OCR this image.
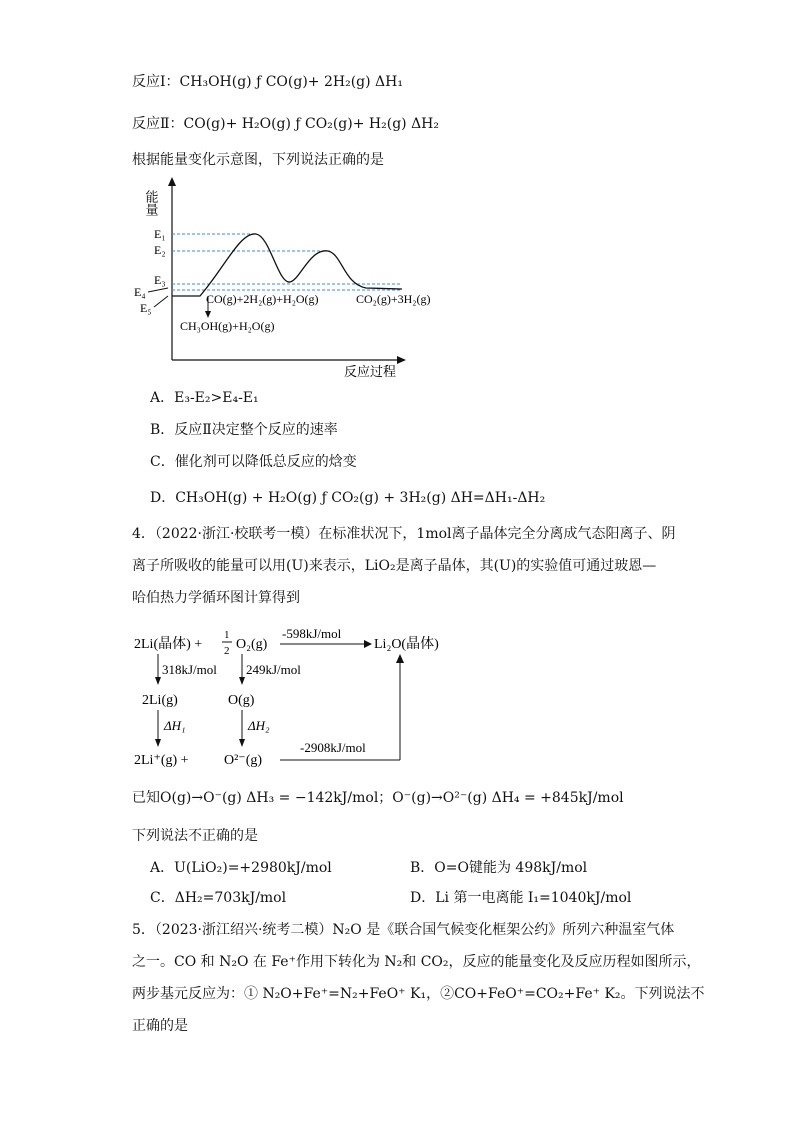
反应Ⅰ：CH₃OH(g) ƒ CO(g)+ 2H₂(g) ΔH₁
反应Ⅱ：CO(g)+ H₂O(g) ƒ CO₂(g)+ H₂(g) ΔH₂
根据能量变化示意图，下列说法正确的是
能量
反应过程
E₁
E₂
E₃
E₄
E₅
CO(g)+2H₂(g)+H₂O(g)	CO₂(g)+3H₂(g)
CH₃OH(g)+H₂O(g)
A．E₃-E₂>E₄-E₁
B．反应Ⅱ决定整个反应的速率
C．催化剂可以降低总反应的焓变
D．CH₃OH(g) + H₂O(g) ƒ CO₂(g) + 3H₂(g) ΔH=ΔH₁-ΔH₂
4．（2022·浙江·校联考一模）在标准状况下，1mol离子晶体完全分离成气态阳离子、阴
离子所吸收的能量可以用(U)来表示，LiO₂是离子晶体，其(U)的实验值可通过玻恩—
哈伯热力学循环图计算得到
2Li(晶体) +
1
2 O₂(g)
-598kJ/mol
Li₂O(晶体)
318kJ/mol 249kJ/mol
2Li(g)	O(g)
ΔH₁	ΔH₂
2Li⁺(g) +	O²⁻(g)
-2908kJ/mol
已知O(g)→O⁻(g) ΔH₃ = −142kJ/mol；O⁻(g)→O²⁻(g) ΔH₄ = +845kJ/mol
下列说法不正确的是
A．U(LiO₂)=+2980kJ/mol	B．O=O键能为 498kJ/mol
C．ΔH₂=703kJ/mol	D．Li 第一电离能 I₁=1040kJ/mol
5．（2023·浙江绍兴·统考二模）N₂O 是《联合国气候变化框架公约》所列六种温室气体
之一。CO 和 N₂O 在 Fe⁺作用下转化为 N₂和 CO₂，反应的能量变化及反应历程如图所示，
两步基元反应为：① N₂O+Fe⁺=N₂+FeO⁺ K₁，②CO+FeO⁺=CO₂+Fe⁺ K₂。下列说法不
正确的是
